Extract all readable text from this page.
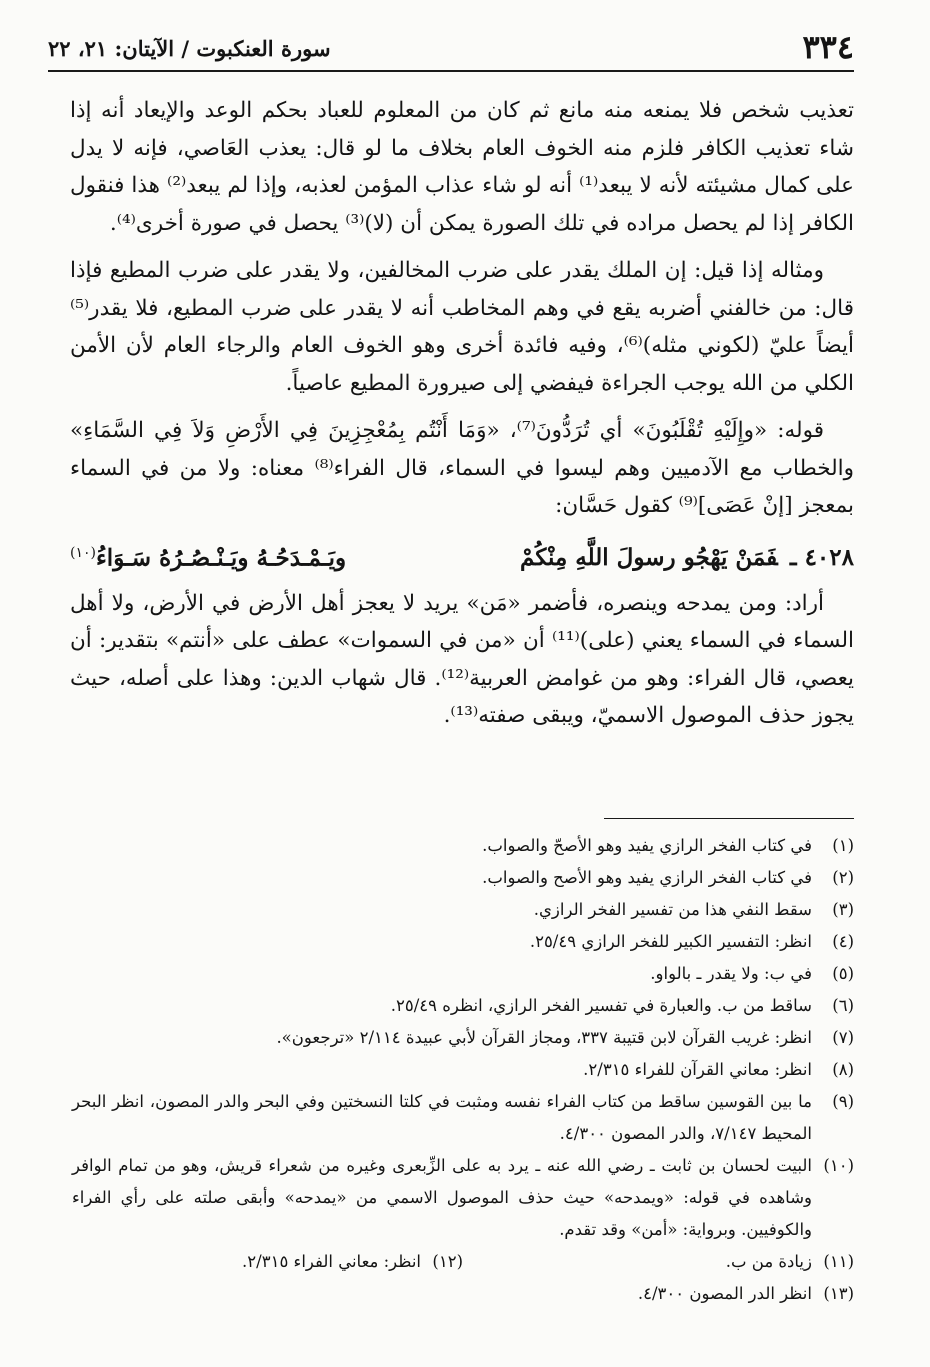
٣٣٤
سورة العنكبوت / الآيتان: ٢١، ٢٢

تعذيب شخص فلا يمنعه منه مانع ثم كان من المعلوم للعباد بحكم الوعد والإيعاد أنه إذا شاء تعذيب الكافر فلزم منه الخوف العام بخلاف ما لو قال: يعذب العَاصي، فإنه لا يدل على كمال مشيئته لأنه لا يبعد⁽¹⁾ أنه لو شاء عذاب المؤمن لعذبه، وإذا لم يبعد⁽²⁾ هذا فنقول الكافر إذا لم يحصل مراده في تلك الصورة يمكن أن (لا)⁽³⁾ يحصل في صورة أخرى⁽⁴⁾.

ومثاله إذا قيل: إن الملك يقدر على ضرب المخالفين، ولا يقدر على ضرب المطيع فإذا قال: من خالفني أضربه يقع في وهم المخاطب أنه لا يقدر على ضرب المطيع، فلا يقدر⁽⁵⁾ أيضاً عليّ (لكوني مثله)⁽⁶⁾، وفيه فائدة أخرى وهو الخوف العام والرجاء العام لأن الأمن الكلي من الله يوجب الجراءة فيفضي إلى صيرورة المطيع عاصياً.

قوله: «وإِلَيْهِ تُقْلَبُونَ» أي تُرَدُّونَ⁽⁷⁾، «وَمَا أَنْتُم بِمُعْجِزِينَ فِي الأَرْضِ وَلاَ فِي السَّمَاءِ» والخطاب مع الآدميين وهم ليسوا في السماء، قال الفراء⁽⁸⁾ معناه: ولا من في السماء بمعجز [إنْ عَصَى]⁽⁹⁾ كقول حَسَّان:

٤٠٢٨ ـفَمَنْ يَهْجُو رسولَ اللَّهِ مِنْكُمْ
ويَـمْـدَحُـهُ ويَـنْـصُـرُهُ سَـوَاءُ$^{(١٠)}$

أراد: ومن يمدحه وينصره، فأضمر «مَن» يريد لا يعجز أهل الأرض في الأرض، ولا أهل السماء في السماء يعني (على)⁽¹¹⁾ أن «من في السموات» عطف على «أنتم» بتقدير: أن يعصي، قال الفراء: وهو من غوامض العربية⁽¹²⁾. قال شهاب الدين: وهذا على أصله، حيث يجوز حذف الموصول الاسميّ، ويبقى صفته⁽¹³⁾.

(١)
في كتاب الفخر الرازي يفيد وهو الأصحّ والصواب.
(٢)
في كتاب الفخر الرازي يفيد وهو الأصح والصواب.
(٣)
سقط النفي هذا من تفسير الفخر الرازي.
(٤)
انظر: التفسير الكبير للفخر الرازي ٢٥/٤٩.
(٥)
في ب: ولا يقدر ـ بالواو.
(٦)
ساقط من ب. والعبارة في تفسير الفخر الرازي، انظره ٢٥/٤٩.
(٧)
انظر: غريب القرآن لابن قتيبة ٣٣٧، ومجاز القرآن لأبي عبيدة ٢/١١٤ «ترجعون».
(٨)
انظر: معاني القرآن للفراء ٢/٣١٥.
(٩)
ما بين القوسين ساقط من كتاب الفراء نفسه ومثبت في كلتا النسختين وفي البحر والدر المصون، انظر البحر المحيط ٧/١٤٧، والدر المصون ٤/٣٠٠.
(١٠)
البيت لحسان بن ثابت ـ رضي الله عنه ـ يرد به على الزِّبعرى وغيره من شعراء قريش، وهو من تمام الوافر وشاهده في قوله: «ويمدحه» حيث حذف الموصول الاسمي من «يمدحه» وأبقى صلته على رأي الفراء والكوفيين. وبرواية: «أمن» وقد تقدم.
(١١)
زيادة من ب.
(١٢)
انظر: معاني الفراء ٢/٣١٥.
(١٣)
انظر الدر المصون ٤/٣٠٠.
